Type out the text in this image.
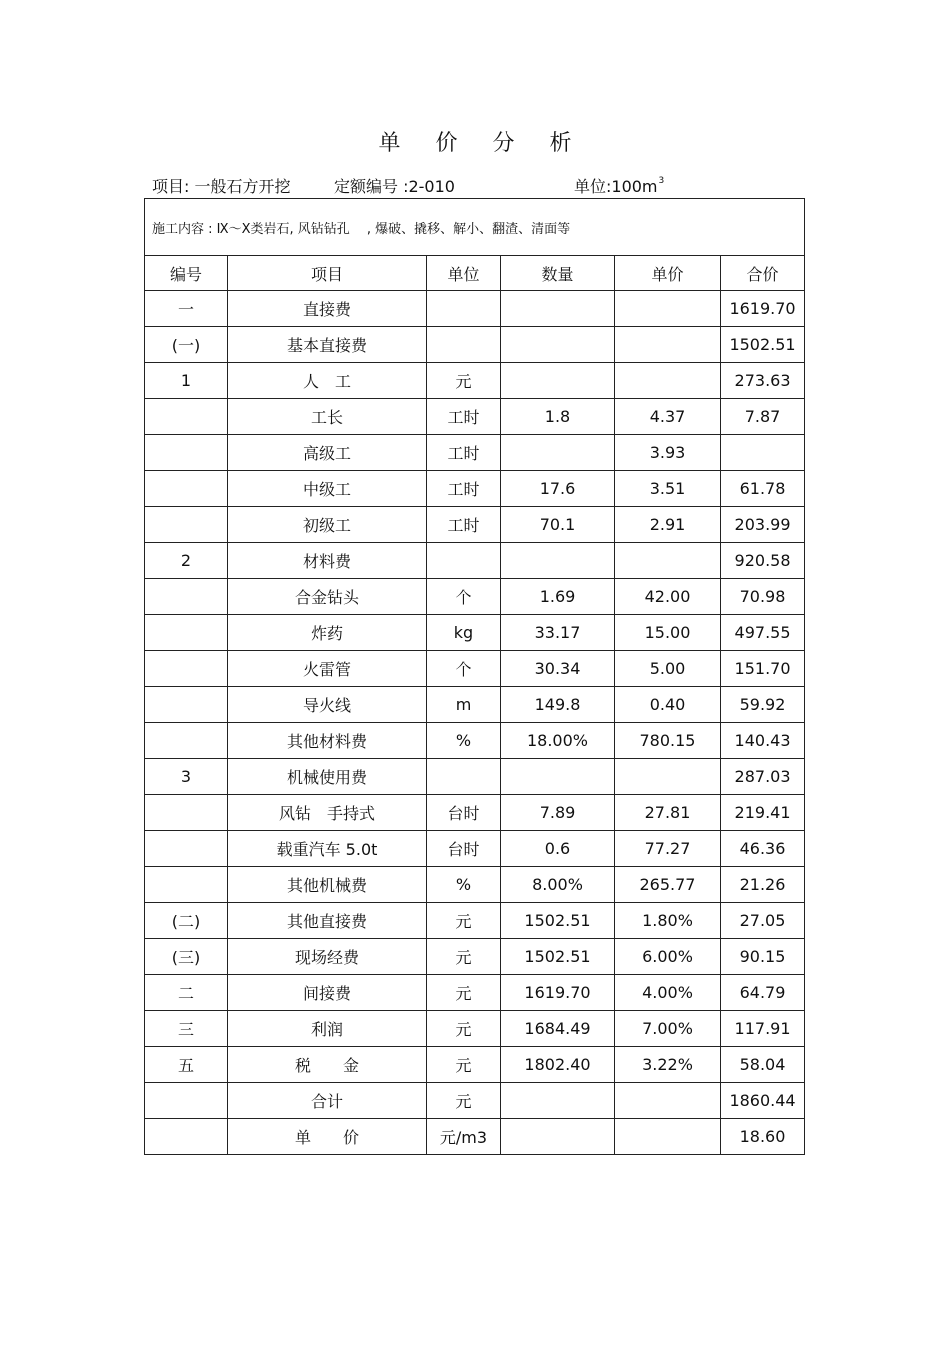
单 价 分 析
项目: 一般石方开挖	定额编号 :2-010	单位$:100m^3$
施工内容 : Ⅸ～Ⅹ类岩石, 风钻钻孔　 , 爆破、撬移、解小、翻渣、清面等					
编号	项目	单位	数量	单价	合价
一	直接费				1619.70
(一)	基本直接费				1502.51
1	人　工	元			273.63
	工长	工时	1.8	4.37	7.87
	高级工	工时		3.93	
	中级工	工时	17.6	3.51	61.78
	初级工	工时	70.1	2.91	203.99
2	材料费				920.58
	合金钻头	个	1.69	42.00	70.98
	炸药	kg	33.17	15.00	497.55
	火雷管	个	30.34	5.00	151.70
	导火线	m	149.8	0.40	59.92
	其他材料费	%	18.00%	780.15	140.43
3	机械使用费				287.03
	风钻　手持式	台时	7.89	27.81	219.41
	载重汽车 5.0t	台时	0.6	77.27	46.36
	其他机械费	%	8.00%	265.77	21.26
(二)	其他直接费	元	1502.51	1.80%	27.05
(三)	现场经费	元	1502.51	6.00%	90.15
二	间接费	元	1619.70	4.00%	64.79
三	利润	元	1684.49	7.00%	117.91
五	税　　金	元	1802.40	3.22%	58.04
	合计	元			1860.44
	单　　价	元/m3			18.60
